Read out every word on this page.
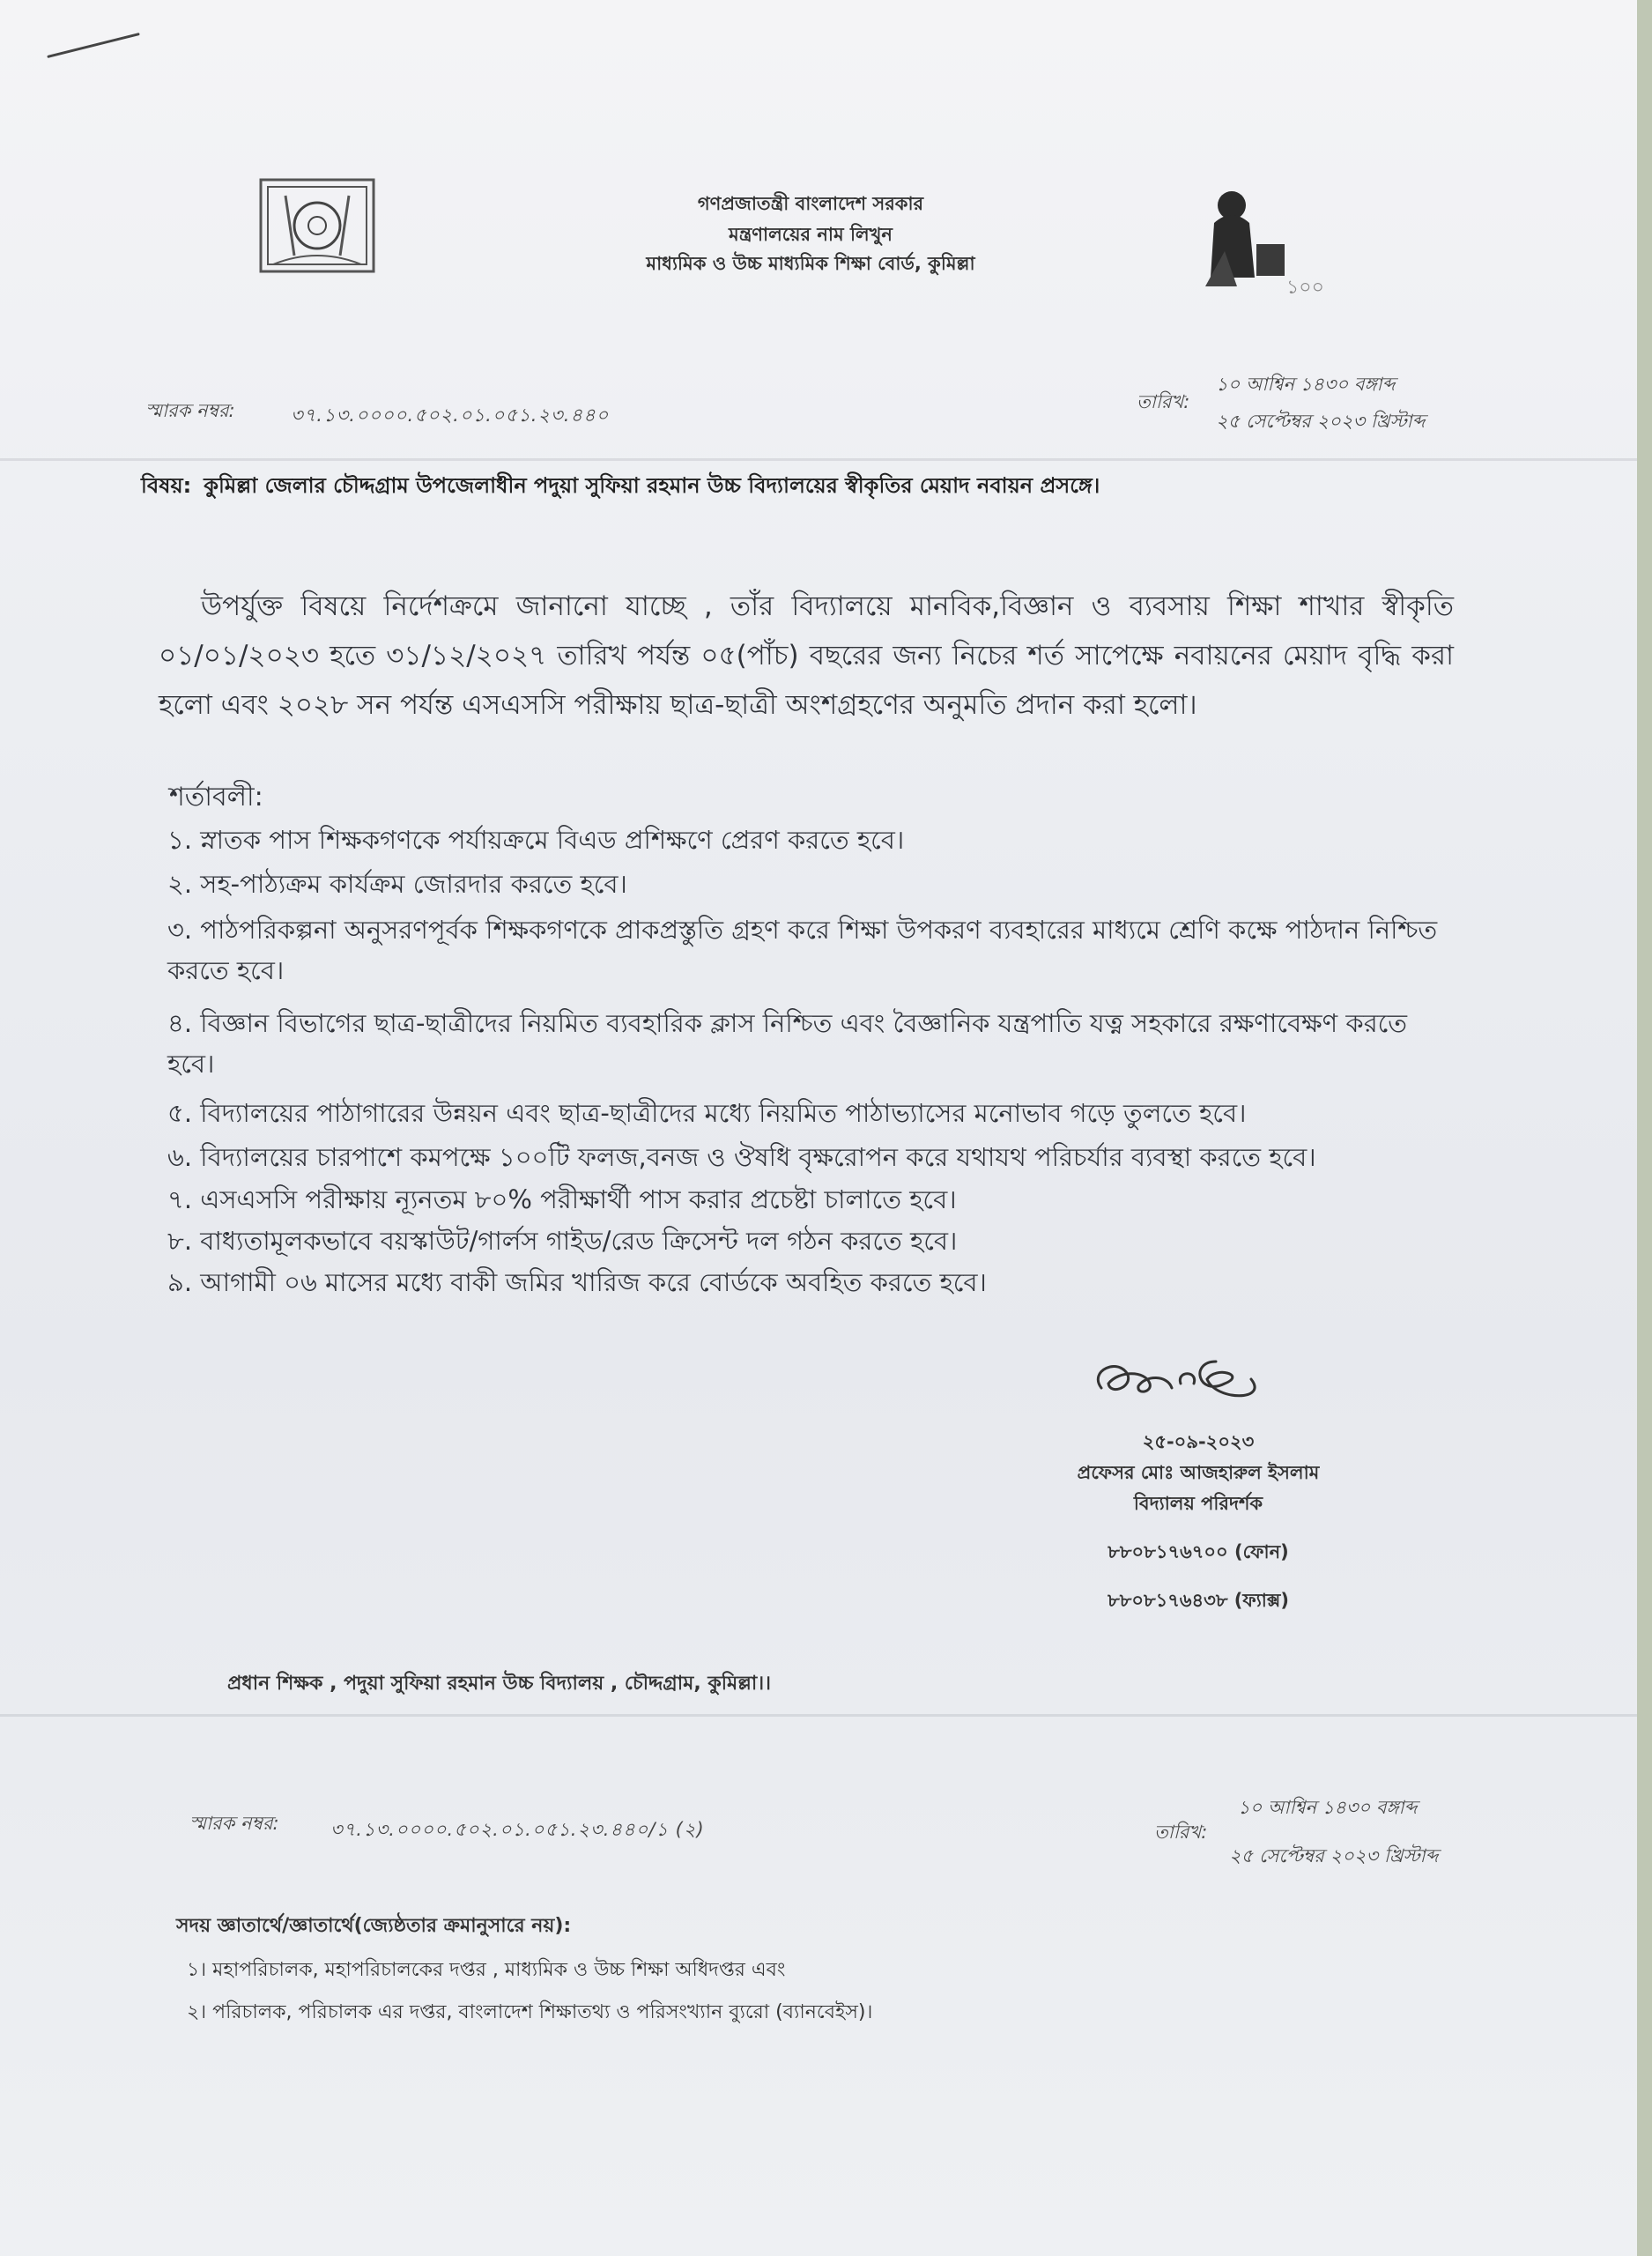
১০০
গণপ্রজাতন্ত্রী বাংলাদেশ সরকার
মন্ত্রণালয়ের নাম লিখুন
মাধ্যমিক ও উচ্চ মাধ্যমিক শিক্ষা বোর্ড, কুমিল্লা
স্মারক নম্বর:	৩৭.১৩.০০০০.৫০২.০১.০৫১.২৩.৪৪০
তারিখ:
১০ আশ্বিন ১৪৩০ বঙ্গাব্দ
২৫ সেপ্টেম্বর ২০২৩ খ্রিস্টাব্দ
বিষয়: কুমিল্লা জেলার চৌদ্দগ্রাম উপজেলাধীন পদুয়া সুফিয়া রহমান উচ্চ বিদ্যালয়ের স্বীকৃতির মেয়াদ নবায়ন প্রসঙ্গে।
উপর্যুক্ত বিষয়ে নির্দেশক্রমে জানানো যাচ্ছে , তাঁর বিদ্যালয়ে মানবিক,বিজ্ঞান ও ব্যবসায় শিক্ষা শাখার স্বীকৃতি ০১/০১/২০২৩ হতে ৩১/১২/২০২৭ তারিখ পর্যন্ত ০৫(পাঁচ) বছরের জন্য নিচের শর্ত সাপেক্ষে নবায়নের মেয়াদ বৃদ্ধি করা হলো এবং ২০২৮ সন পর্যন্ত এসএসসি পরীক্ষায় ছাত্র-ছাত্রী অংশগ্রহণের অনুমতি প্রদান করা হলো।
শর্তাবলী:
১. স্নাতক পাস শিক্ষকগণকে পর্যায়ক্রমে বিএড প্রশিক্ষণে প্রেরণ করতে হবে।
২. সহ-পাঠ্যক্রম কার্যক্রম জোরদার করতে হবে।
৩. পাঠপরিকল্পনা অনুসরণপূর্বক শিক্ষকগণকে প্রাকপ্রস্তুতি গ্রহণ করে শিক্ষা উপকরণ ব্যবহারের মাধ্যমে শ্রেণি কক্ষে পাঠদান নিশ্চিত করতে হবে।
৪. বিজ্ঞান বিভাগের ছাত্র-ছাত্রীদের নিয়মিত ব্যবহারিক ক্লাস নিশ্চিত এবং বৈজ্ঞানিক যন্ত্রপাতি যত্ন সহকারে রক্ষণাবেক্ষণ করতে হবে।
৫. বিদ্যালয়ের পাঠাগারের উন্নয়ন এবং ছাত্র-ছাত্রীদের মধ্যে নিয়মিত পাঠাভ্যাসের মনোভাব গড়ে তুলতে হবে।
৬. বিদ্যালয়ের চারপাশে কমপক্ষে ১০০টি ফলজ,বনজ ও ঔষধি বৃক্ষরোপন করে যথাযথ পরিচর্যার ব্যবস্থা করতে হবে।
৭. এসএসসি পরীক্ষায় ন্যূনতম ৮০% পরীক্ষার্থী পাস করার প্রচেষ্টা চালাতে হবে।
৮. বাধ্যতামূলকভাবে বয়স্কাউট/গার্লস গাইড/রেড ক্রিসেন্ট দল গঠন করতে হবে।
৯. আগামী ০৬ মাসের মধ্যে বাকী জমির খারিজ করে বোর্ডকে অবহিত করতে হবে।
২৫-০৯-২০২৩
প্রফেসর মোঃ আজহারুল ইসলাম
বিদ্যালয় পরিদর্শক
৮৮০৮১৭৬৭০০ (ফোন)
৮৮০৮১৭৬৪৩৮ (ফ্যাক্স)
প্রধান শিক্ষক , পদুয়া সুফিয়া রহমান উচ্চ বিদ্যালয় , চৌদ্দগ্রাম, কুমিল্লা।।
স্মারক নম্বর:	৩৭.১৩.০০০০.৫০২.০১.০৫১.২৩.৪৪০/১ (২)	তারিখ:
১০ আশ্বিন ১৪৩০ বঙ্গাব্দ
২৫ সেপ্টেম্বর ২০২৩ খ্রিস্টাব্দ
সদয় জ্ঞাতার্থে/জ্ঞাতার্থে(জ্যেষ্ঠতার ক্রমানুসারে নয়):
১। মহাপরিচালক, মহাপরিচালকের দপ্তর , মাধ্যমিক ও উচ্চ শিক্ষা অধিদপ্তর এবং
২। পরিচালক, পরিচালক এর দপ্তর, বাংলাদেশ শিক্ষাতথ্য ও পরিসংখ্যান ব্যুরো (ব্যানবেইস)।
